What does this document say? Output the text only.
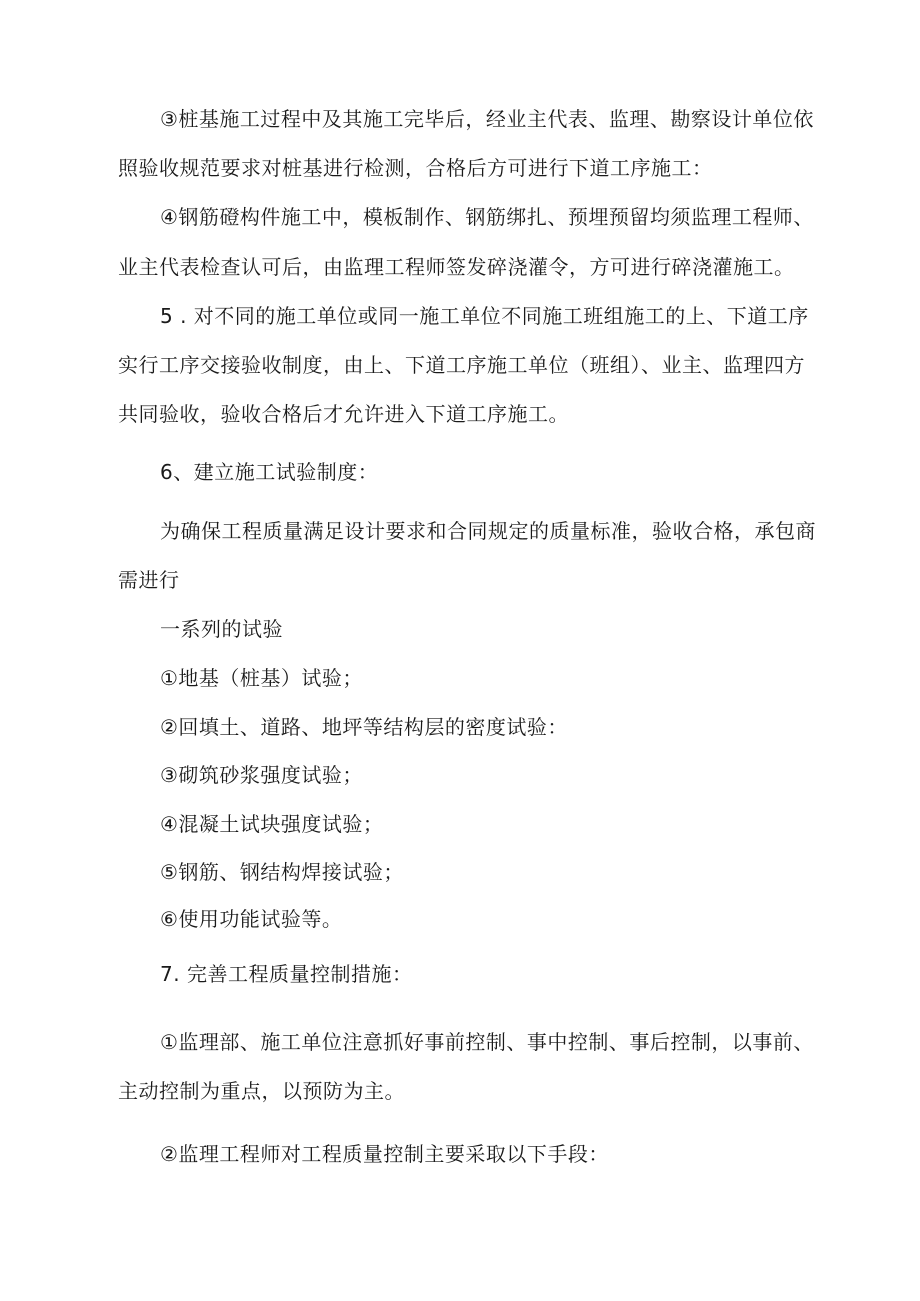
③桩基施工过程中及其施工完毕后，经业主代表、监理、勘察设计单位依
照验收规范要求对桩基进行检测，合格后方可进行下道工序施工：
④钢筋磴构件施工中，模板制作、钢筋绑扎、预埋预留均须监理工程师、
业主代表检查认可后，由监理工程师签发碎浇灌令，方可进行碎浇灌施工。
5 . 对不同的施工单位或同一施工单位不同施工班组施工的上、下道工序
实行工序交接验收制度，由上、下道工序施工单位（班组）、业主、监理四方
共同验收，验收合格后才允许进入下道工序施工。
6、建立施工试验制度：
为确保工程质量满足设计要求和合同规定的质量标准，验收合格，承包商
需进行
一系列的试验
①地基（桩基）试验；
②回填土、道路、地坪等结构层的密度试验：
③砌筑砂浆强度试验；
④混凝土试块强度试验；
⑤钢筋、钢结构焊接试验；
⑥使用功能试验等。
7. 完善工程质量控制措施：
①监理部、施工单位注意抓好事前控制、事中控制、事后控制，以事前、
主动控制为重点，以预防为主。
②监理工程师对工程质量控制主要采取以下手段：
